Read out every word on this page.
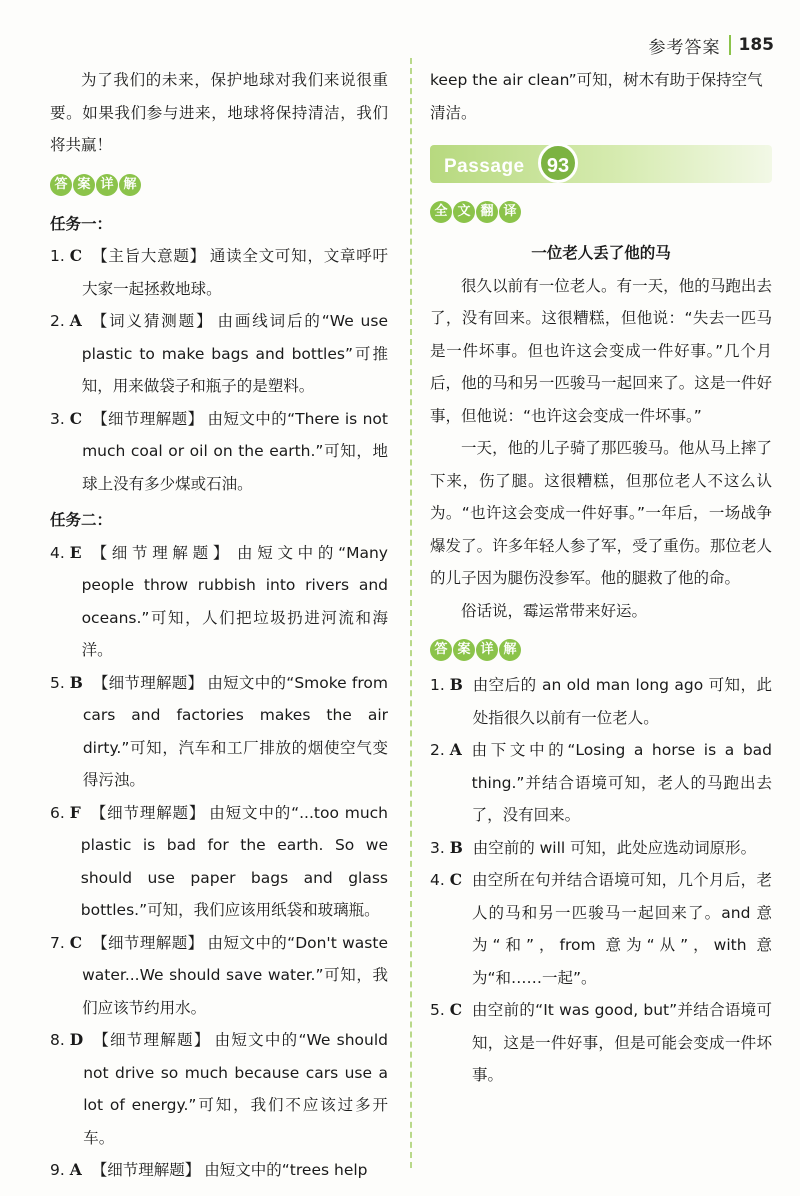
参考答案 185

为了我们的未来，保护地球对我们来说很重要。如果我们参与进来，地球将保持清洁，我们将共赢！

答 案 详 解

任务一：

1. C 【主旨大意题】 通读全文可知，文章呼吁大家一起拯救地球。
2. A 【词义猜测题】 由画线词后的“We use plastic to make bags and bottles”可推知，用来做袋子和瓶子的是塑料。
3. C 【细节理解题】 由短文中的“There is not much coal or oil on the earth.”可知，地球上没有多少煤或石油。

任务二：

4. E 【细节理解题】 由短文中的“Many people throw rubbish into rivers and oceans.”可知，人们把垃圾扔进河流和海洋。
5. B 【细节理解题】 由短文中的“Smoke from cars and factories makes the air dirty.”可知，汽车和工厂排放的烟使空气变得污浊。
6. F 【细节理解题】 由短文中的“...too much plastic is bad for the earth. So we should use paper bags and glass bottles.”可知，我们应该用纸袋和玻璃瓶。
7. C 【细节理解题】 由短文中的“Don't waste water...We should save water.”可知，我们应该节约用水。
8. D 【细节理解题】 由短文中的“We should not drive so much because cars use a lot of energy.”可知，我们不应该过多开车。
9. A 【细节理解题】 由短文中的“trees help

keep the air clean”可知，树木有助于保持空气清洁。

Passage	93
全 文 翻 译

一位老人丢了他的马

很久以前有一位老人。有一天，他的马跑出去了，没有回来。这很糟糕，但他说：“失去一匹马是一件坏事。但也许这会变成一件好事。”几个月后，他的马和另一匹骏马一起回来了。这是一件好事，但他说：“也许这会变成一件坏事。”

一天，他的儿子骑了那匹骏马。他从马上摔了下来，伤了腿。这很糟糕，但那位老人不这么认为。“也许这会变成一件好事。”一年后，一场战争爆发了。许多年轻人参了军，受了重伤。那位老人的儿子因为腿伤没参军。他的腿救了他的命。

俗话说，霉运常带来好运。

答 案 详 解
1. B 由空后的 an old man long ago 可知，此处指很久以前有一位老人。
2. A 由下文中的“Losing a horse is a bad thing.”并结合语境可知，老人的马跑出去了，没有回来。
3. B 由空前的 will 可知，此处应选动词原形。
4. C 由空所在句并结合语境可知，几个月后，老人的马和另一匹骏马一起回来了。and 意为“和”，from 意为“从”，with 意为“和……一起”。
5. C 由空前的“It was good, but”并结合语境可知，这是一件好事，但是可能会变成一件坏事。
